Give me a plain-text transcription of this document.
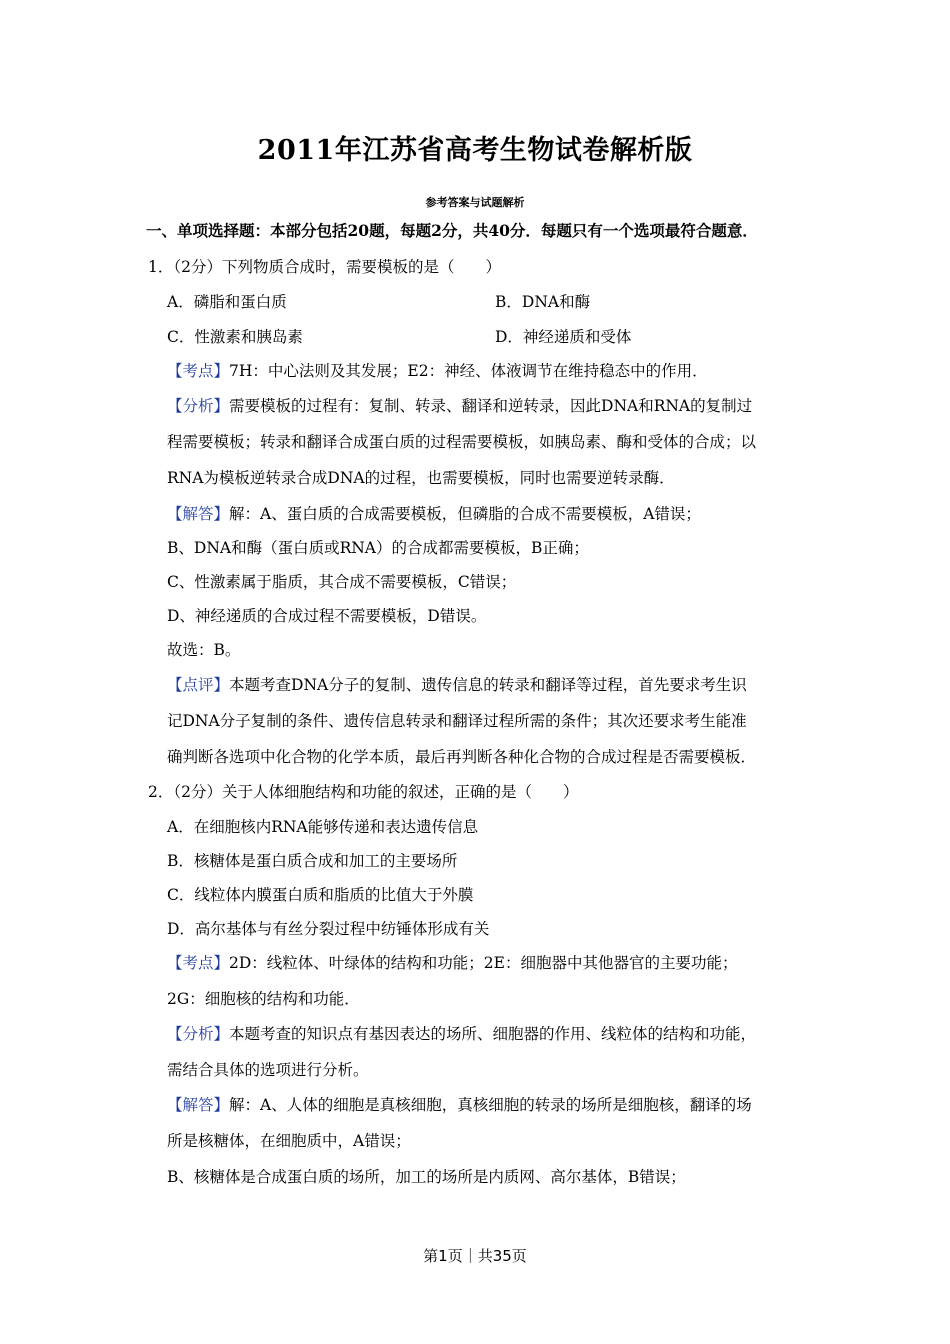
2011年江苏省高考生物试卷解析版
参考答案与试题解析
一、单项选择题：本部分包括20题，每题2分，共40分．每题只有一个选项最符合题意．
1．（2分）下列物质合成时，需要模板的是（　　）
A．磷脂和蛋白质	B．DNA和酶
C．性激素和胰岛素	D．神经递质和受体
【考点】7H：中心法则及其发展；E2：神经、体液调节在维持稳态中的作用．
【分析】需要模板的过程有：复制、转录、翻译和逆转录，因此DNA和RNA的复制过
程需要模板；转录和翻译合成蛋白质的过程需要模板，如胰岛素、酶和受体的合成；以
RNA为模板逆转录合成DNA的过程，也需要模板，同时也需要逆转录酶．
【解答】解：A、蛋白质的合成需要模板，但磷脂的合成不需要模板，A错误；
B、DNA和酶（蛋白质或RNA）的合成都需要模板，B正确；
C、性激素属于脂质，其合成不需要模板，C错误；
D、神经递质的合成过程不需要模板，D错误。
故选：B。
【点评】本题考查DNA分子的复制、遗传信息的转录和翻译等过程，首先要求考生识
记DNA分子复制的条件、遗传信息转录和翻译过程所需的条件；其次还要求考生能准
确判断各选项中化合物的化学本质，最后再判断各种化合物的合成过程是否需要模板．
2．（2分）关于人体细胞结构和功能的叙述，正确的是（　　）
A．在细胞核内RNA能够传递和表达遗传信息
B．核糖体是蛋白质合成和加工的主要场所
C．线粒体内膜蛋白质和脂质的比值大于外膜
D．高尔基体与有丝分裂过程中纺锤体形成有关
【考点】2D：线粒体、叶绿体的结构和功能；2E：细胞器中其他器官的主要功能；
2G：细胞核的结构和功能．
【分析】本题考查的知识点有基因表达的场所、细胞器的作用、线粒体的结构和功能，
需结合具体的选项进行分析。
【解答】解：A、人体的细胞是真核细胞，真核细胞的转录的场所是细胞核，翻译的场
所是核糖体，在细胞质中，A错误；
B、核糖体是合成蛋白质的场所，加工的场所是内质网、高尔基体，B错误；
第1页｜共35页
